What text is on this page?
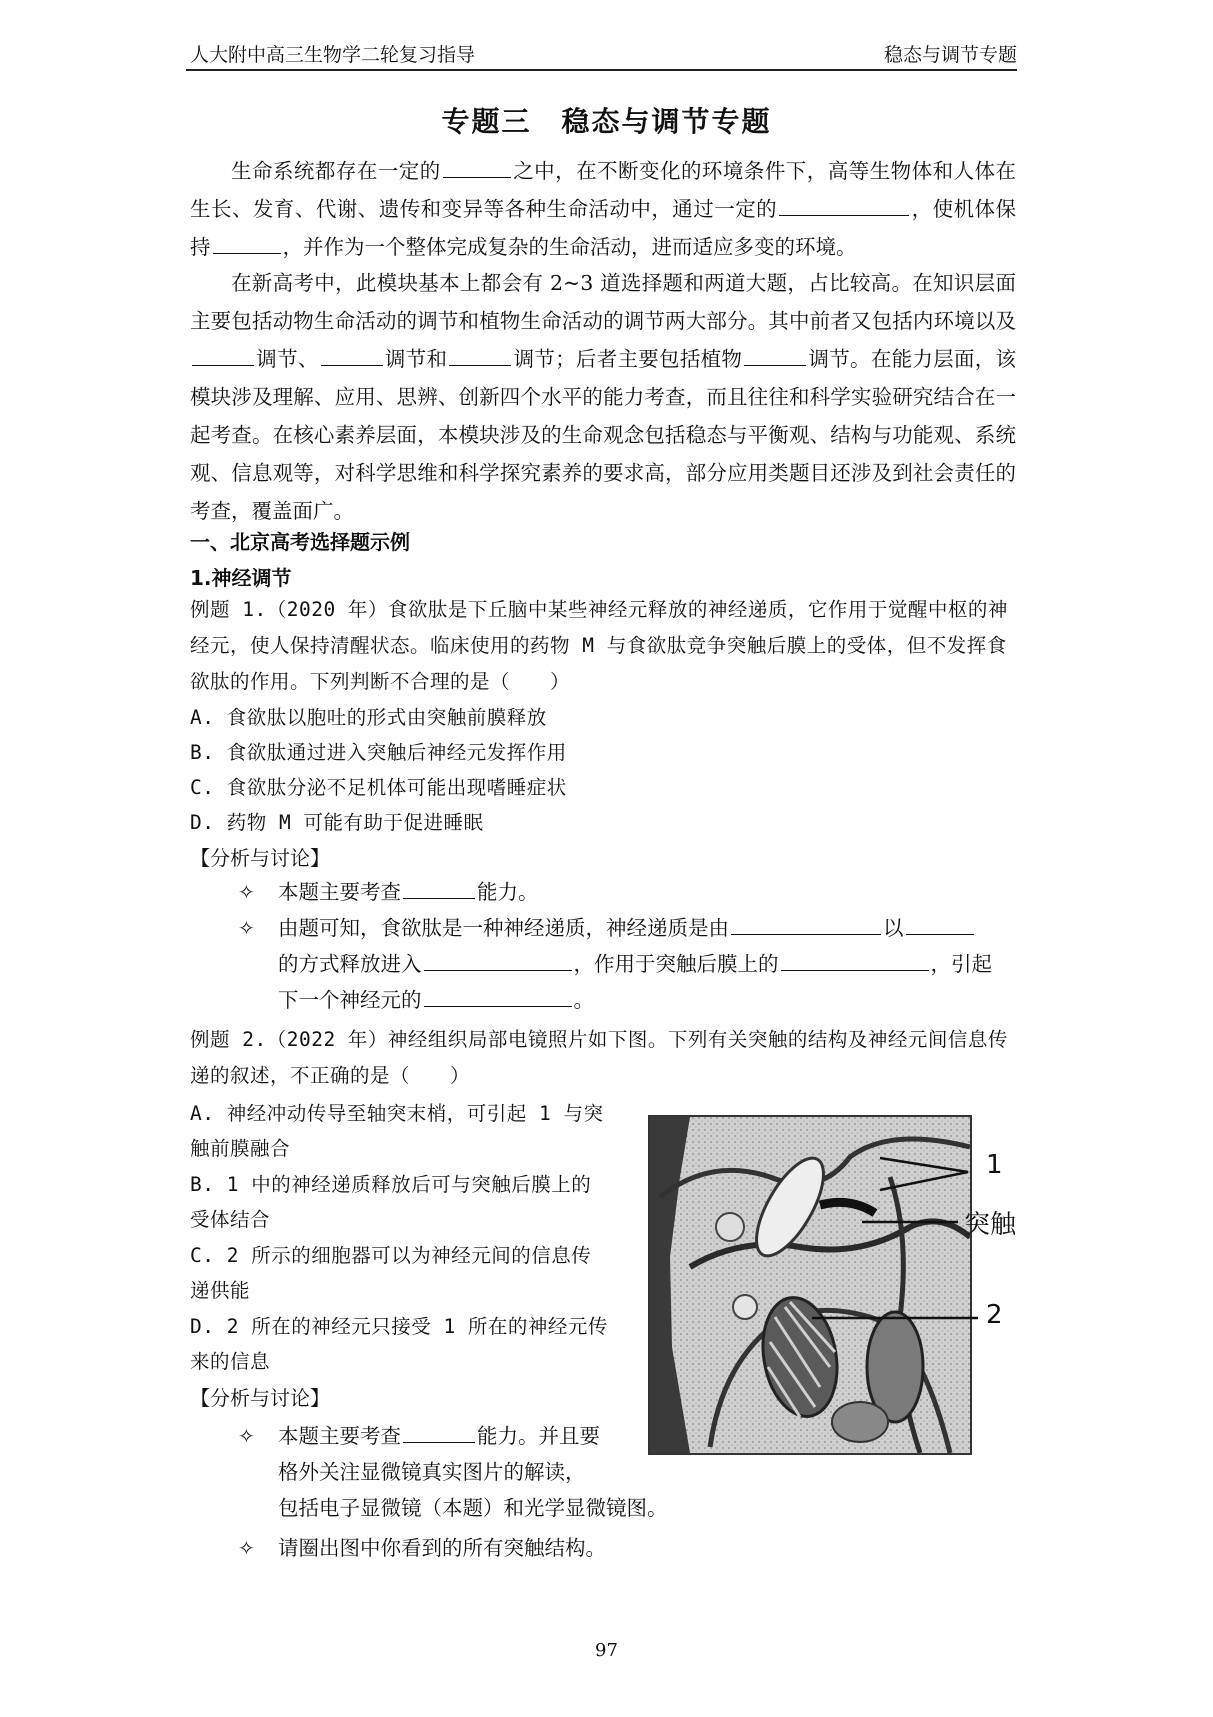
人大附中高三生物学二轮复习指导	稳态与调节专题
专题三　稳态与调节专题
生命系统都存在一定的	之中，在不断变化的环境条件下，高等生物体和人体在生长、发育、代谢、遗传和变异等各种生命活动中，通过一定的	，使机体保持	，并作为一个整体完成复杂的生命活动，进而适应多变的环境。
在新高考中，此模块基本上都会有 2~3 道选择题和两道大题，占比较高。在知识层面主要包括动物生命活动的调节和植物生命活动的调节两大部分。其中前者又包括内环境以及调节、	调节和	调节；后者主要包括植物	调节。在能力层面，该模块涉及理解、应用、思辨、创新四个水平的能力考查，而且往往和科学实验研究结合在一起考查。在核心素养层面，本模块涉及的生命观念包括稳态与平衡观、结构与功能观、系统观、信息观等，对科学思维和科学探究素养的要求高，部分应用类题目还涉及到社会责任的考查，覆盖面广。
一、北京高考选择题示例
1.神经调节
例题 1.（2020 年）食欲肽是下丘脑中某些神经元释放的神经递质，它作用于觉醒中枢的神经元，使人保持清醒状态。临床使用的药物 M 与食欲肽竞争突触后膜上的受体，但不发挥食欲肽的作用。下列判断不合理的是（　　）
A. 食欲肽以胞吐的形式由突触前膜释放
B. 食欲肽通过进入突触后神经元发挥作用
C. 食欲肽分泌不足机体可能出现嗜睡症状
D. 药物 M 可能有助于促进睡眠
【分析与讨论】
✧ 本题主要考查	能力。
✧ 由题可知，食欲肽是一种神经递质，神经递质是由	以
的方式释放进入	，作用于突触后膜上的	，引起
下一个神经元的	。
例题 2.（2022 年）神经组织局部电镜照片如下图。下列有关突触的结构及神经元间信息传递的叙述，不正确的是（　　）
A. 神经冲动传导至轴突末梢，可引起 1 与突
触前膜融合
B. 1 中的神经递质释放后可与突触后膜上的
受体结合
C. 2 所示的细胞器可以为神经元间的信息传
递供能
D. 2 所在的神经元只接受 1 所在的神经元传
来的信息
【分析与讨论】
✧ 本题主要考查	能力。并且要
格外关注显微镜真实图片的解读，
包括电子显微镜（本题）和光学显微镜图。
✧ 请圈出图中你看到的所有突触结构。
1
突触
2
97
